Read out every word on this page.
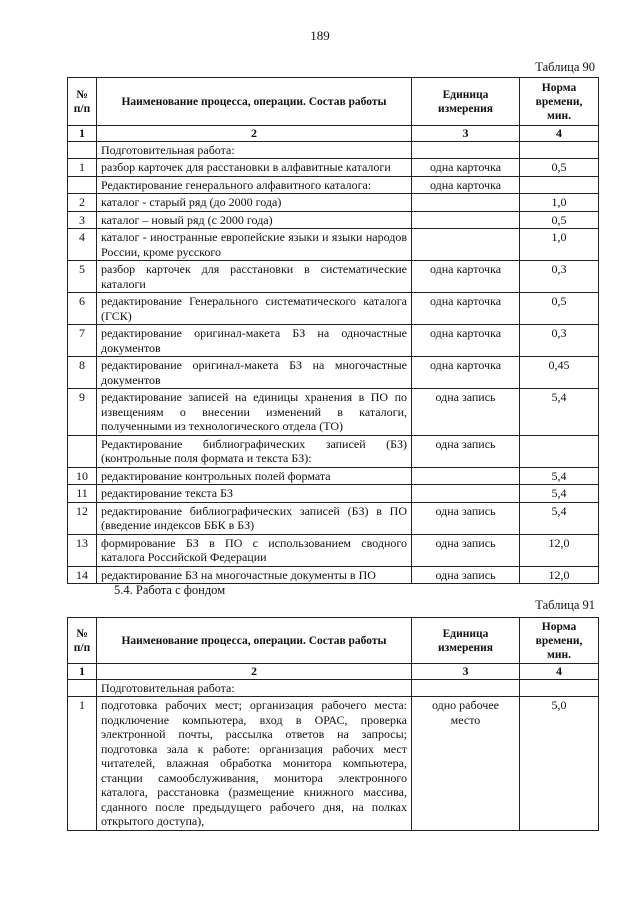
189
Таблица 90
№ п/п	Наименование процесса, операции. Состав работы	Единица измерения	Норма времени, мин.
1	2	3	4
	Подготовительная работа:		
1	разбор карточек для расстановки в алфавитные каталоги	одна карточка	0,5
	Редактирование генерального алфавитного каталога:	одна карточка	
2	каталог - старый ряд (до 2000 года)		1,0
3	каталог – новый ряд (с 2000 года)		0,5
4	каталог - иностранные европейские языки и языки народов России, кроме русского		1,0
5	разбор карточек для расстановки в систематические каталоги	одна карточка	0,3
6	редактирование Генерального систематического каталога (ГСК)	одна карточка	0,5
7	редактирование оригинал-макета БЗ на одночастные документов	одна карточка	0,3
8	редактирование оригинал-макета БЗ на многочастные документов	одна карточка	0,45
9	редактирование записей на единицы хранения в ПО по извещениям о внесении изменений в каталоги, полученными из технологического отдела (ТО)	одна запись	5,4
	Редактирование библиографических записей (БЗ) (контрольные поля формата и текста БЗ):	одна запись	
10	редактирование контрольных полей формата		5,4
11	редактирование текста БЗ		5,4
12	редактирование библиографических записей (БЗ) в ПО (введение индексов ББК в БЗ)	одна запись	5,4
13	формирование БЗ в ПО с использованием сводного каталога Российской Федерации	одна запись	12,0
14	редактирование БЗ на многочастные документы в ПО	одна запись	12,0
5.4. Работа с фондом
Таблица 91
№ п/п	Наименование процесса, операции. Состав работы	Единица измерения	Норма времени, мин.
1	2	3	4
	Подготовительная работа:		
1	подготовка рабочих мест; организация рабочего места: подключение компьютера, вход в ОРАС, проверка электронной почты, рассылка ответов на запросы; подготовка зала к работе: организация рабочих мест читателей, влажная обработка монитора компьютера, станции самообслуживания, монитора электронного каталога, расстановка (размещение книжного массива, сданного после предыдущего рабочего дня, на полках открытого доступа),	одно рабочее место	5,0
